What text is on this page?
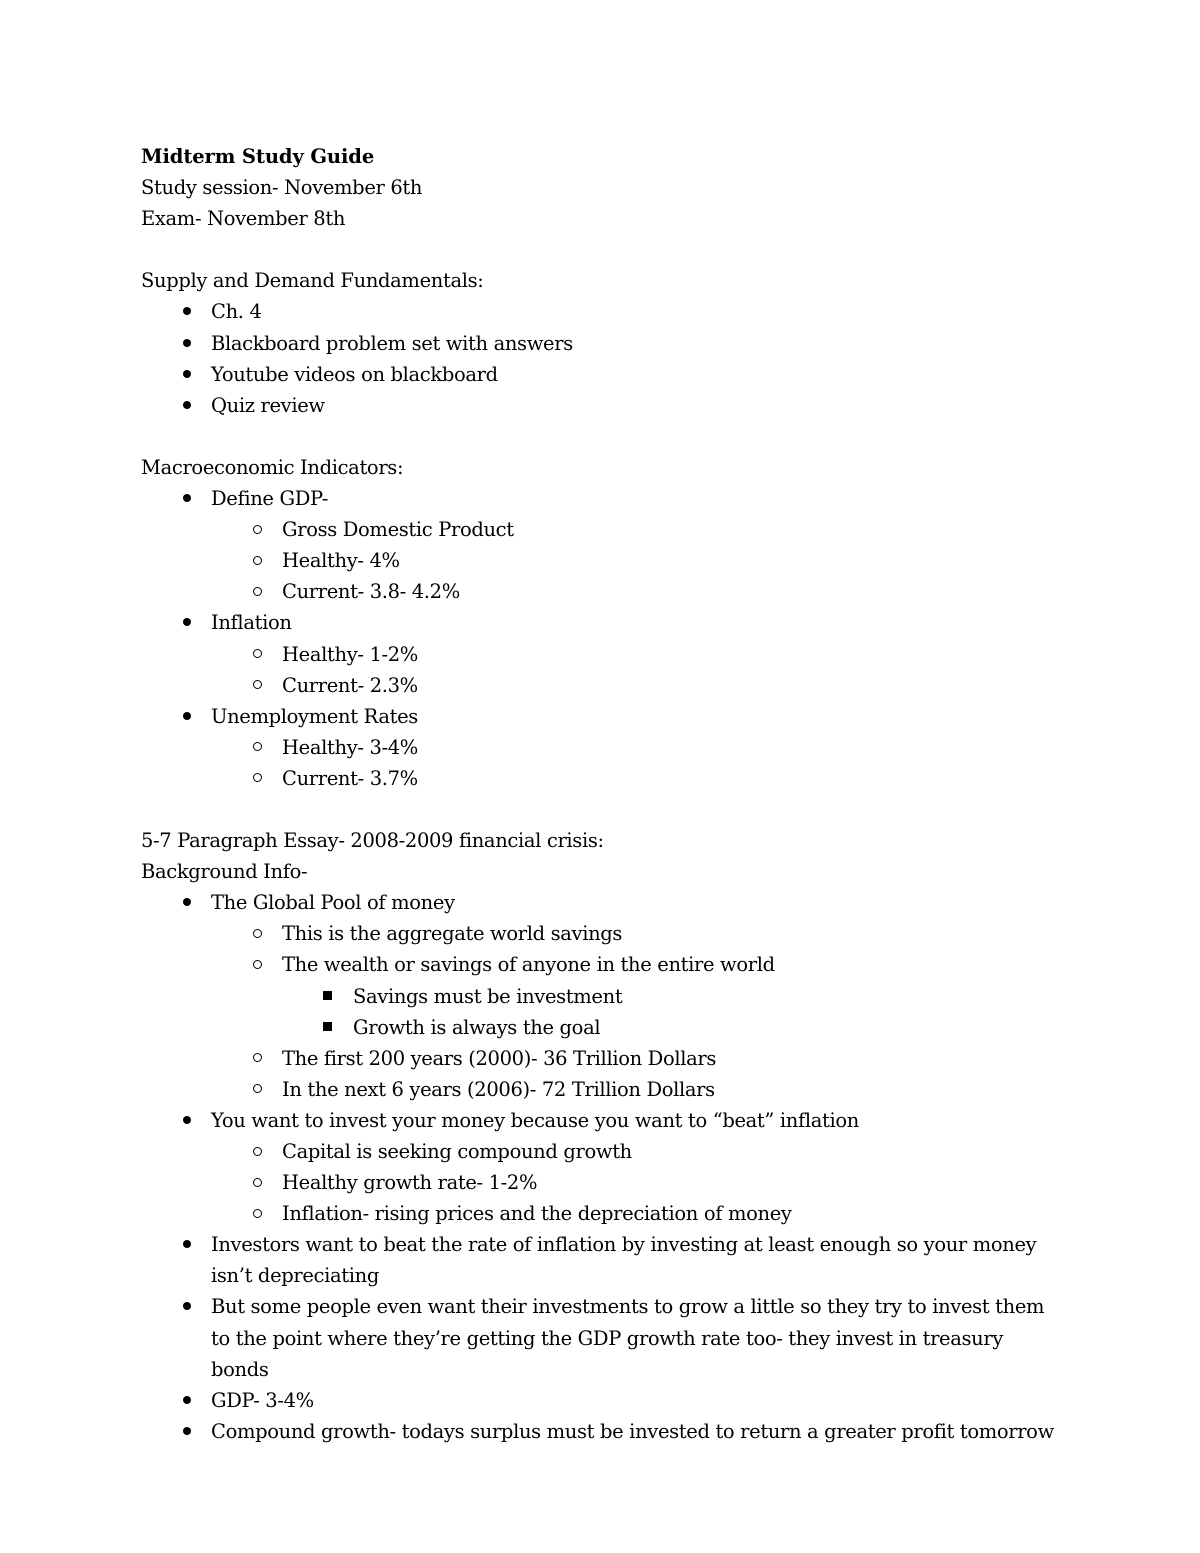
Midterm Study Guide
Study session- November 6th
Exam- November 8th
Supply and Demand Fundamentals:
Ch. 4
Blackboard problem set with answers
Youtube videos on blackboard
Quiz review
Macroeconomic Indicators:
Define GDP-
Gross Domestic Product
Healthy- 4%
Current- 3.8- 4.2%
Inflation
Healthy- 1-2%
Current- 2.3%
Unemployment Rates
Healthy- 3-4%
Current- 3.7%
5-7 Paragraph Essay- 2008-2009 financial crisis:
Background Info-
The Global Pool of money
This is the aggregate world savings
The wealth or savings of anyone in the entire world
Savings must be investment
Growth is always the goal
The first 200 years (2000)- 36 Trillion Dollars
In the next 6 years (2006)- 72 Trillion Dollars
You want to invest your money because you want to “beat” inflation
Capital is seeking compound growth
Healthy growth rate- 1-2%
Inflation- rising prices and the depreciation of money
Investors want to beat the rate of inflation by investing at least enough so your money isn’t depreciating
But some people even want their investments to grow a little so they try to invest them to the point where they’re getting the GDP growth rate too- they invest in treasury bonds
GDP- 3-4%
Compound growth- todays surplus must be invested to return a greater profit tomorrow
